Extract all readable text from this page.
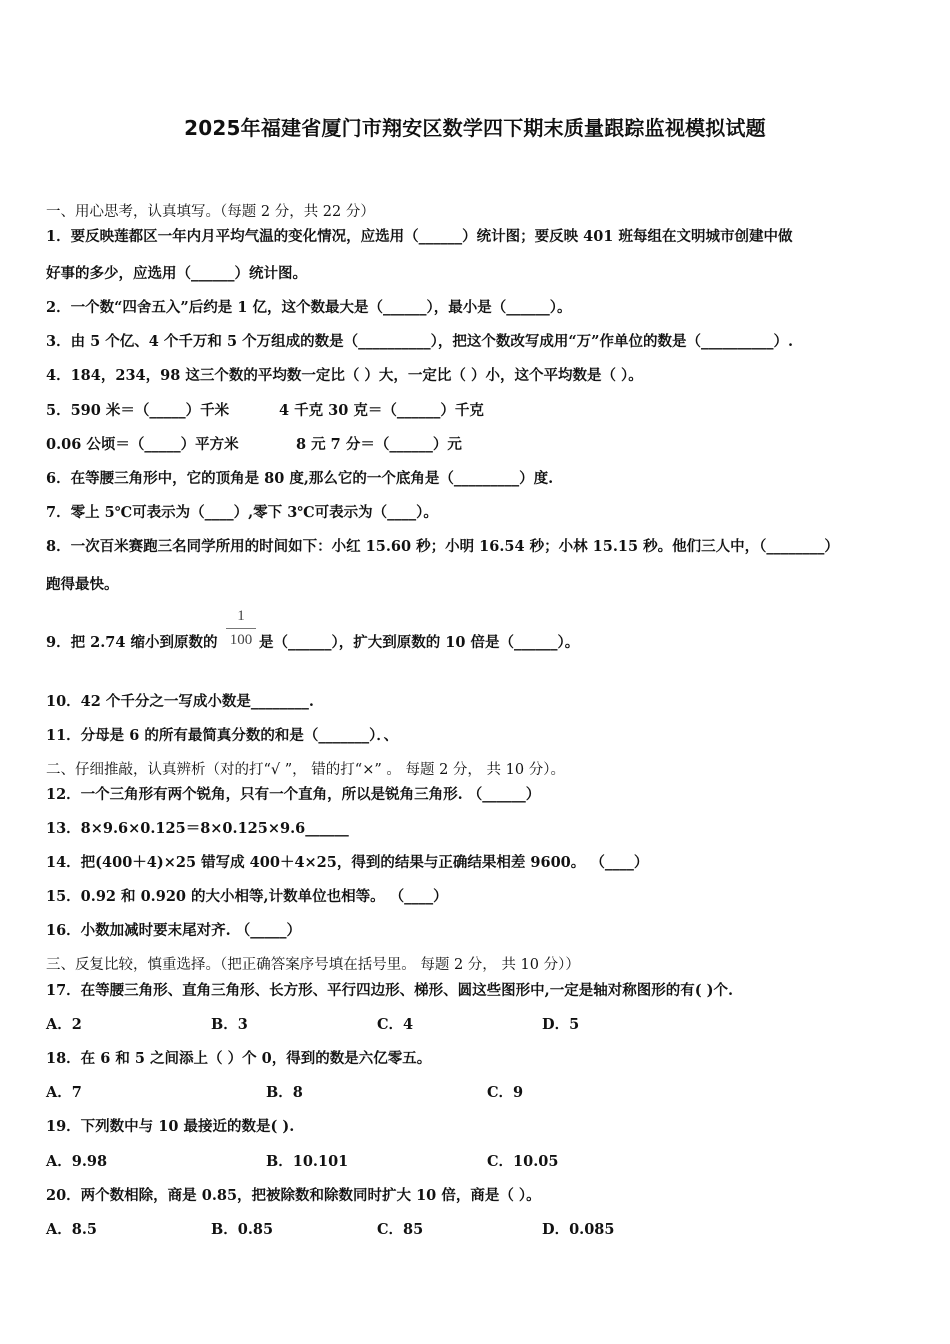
2025年福建省厦门市翔安区数学四下期末质量跟踪监视模拟试题
一、用心思考，认真填写。（每题 2 分，共 22 分）
1．要反映莲都区一年内月平均气温的变化情况，应选用（______）统计图；要反映 401 班每组在文明城市创建中做
好事的多少，应选用（______）统计图。
2．一个数“四舍五入”后约是 1 亿，这个数最大是（______），最小是（______）。
3．由 5 个亿、4 个千万和 5 个万组成的数是（__________），把这个数改写成用“万”作单位的数是（__________）.
4．184，234，98 这三个数的平均数一定比（ ）大，一定比（ ）小，这个平均数是（ ）。
5．590 米＝（_____）千米	4 千克 30 克＝（______）千克
0.06 公顷＝（_____）平方米	8 元 7 分＝（______）元
6．在等腰三角形中，它的顶角是 80 度,那么它的一个底角是（_________）度.
7．零上 5℃可表示为（____）,零下 3℃可表示为（____）。
8．一次百米赛跑三名同学所用的时间如下：小红 15.60 秒；小明 16.54 秒；小林 15.15 秒。他们三人中，（________）
跑得最快。
9．把 2.74 缩小到原数的
1
100 是（______），扩大到原数的 10 倍是（______）。
10．42 个千分之一写成小数是________.
11．分母是 6 的所有最简真分数的和是（_______）．、
二、仔细推敲，认真辨析（对的打“√ ”， 错的打“×” 。 每题 2 分， 共 10 分）。
12．一个三角形有两个锐角，只有一个直角，所以是锐角三角形. （______）
13．8×9.6×0.125＝8×0.125×9.6______
14．把(400＋4)×25 错写成 400＋4×25，得到的结果与正确结果相差 9600。 （____）
15．0.92 和 0.920 的大小相等,计数单位也相等。 （____）
16．小数加减时要末尾对齐. （_____）
三、反复比较，慎重选择。（把正确答案序号填在括号里。 每题 2 分， 共 10 分））
17．在等腰三角形、直角三角形、长方形、平行四边形、梯形、圆这些图形中,一定是轴对称图形的有( )个.
A．2	B．3	C．4	D．5
18．在 6 和 5 之间添上（ ）个 0，得到的数是六亿零五。
A．7	B．8	C．9
19．下列数中与 10 最接近的数是( ).
A．9.98	B．10.101	C．10.05
20．两个数相除，商是 0.85，把被除数和除数同时扩大 10 倍，商是（ ）。
A．8.5	B．0.85	C．85	D．0.085
